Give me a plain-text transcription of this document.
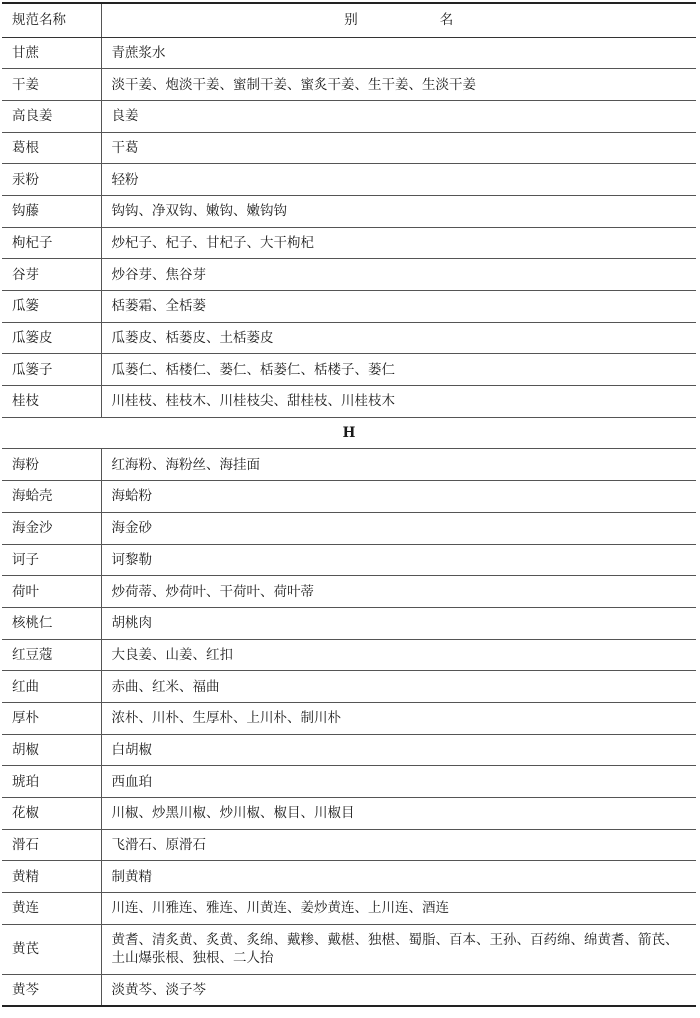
规范名称	别 名
甘蔗	青蔗浆水
干姜	淡干姜、炮淡干姜、蜜制干姜、蜜炙干姜、生干姜、生淡干姜
高良姜	良姜
葛根	干葛
汞粉	轻粉
钩藤	钩钩、净双钩、嫩钩、嫩钩钩
枸杞子	炒杞子、杞子、甘杞子、大干枸杞
谷芽	炒谷芽、焦谷芽
瓜篓	栝蒌霜、全栝蒌
瓜篓皮	瓜蒌皮、栝蒌皮、土栝蒌皮
瓜篓子	瓜蒌仁、栝楼仁、蒌仁、栝蒌仁、栝楼子、蒌仁
桂枝	川桂枝、桂枝木、川桂枝尖、甜桂枝、川桂枝木
H	
海粉	红海粉、海粉丝、海挂面
海蛤壳	海蛤粉
海金沙	海金砂
诃子	诃黎勒
荷叶	炒荷蒂、炒荷叶、干荷叶、荷叶蒂
核桃仁	胡桃肉
红豆蔻	大良姜、山姜、红扣
红曲	赤曲、红米、福曲
厚朴	浓朴、川朴、生厚朴、上川朴、制川朴
胡椒	白胡椒
琥珀	西血珀
花椒	川椒、炒黑川椒、炒川椒、椒目、川椒目
滑石	飞滑石、原滑石
黄精	制黄精
黄连	川连、川雅连、雅连、川黄连、姜炒黄连、上川连、酒连
黄芪	黄耆、清炙黄、炙黄、炙绵、戴糁、戴椹、独椹、蜀脂、百本、王孙、百药绵、绵黄耆、箭芪、土山爆张根、独根、二人抬
黄芩	淡黄芩、淡子芩
